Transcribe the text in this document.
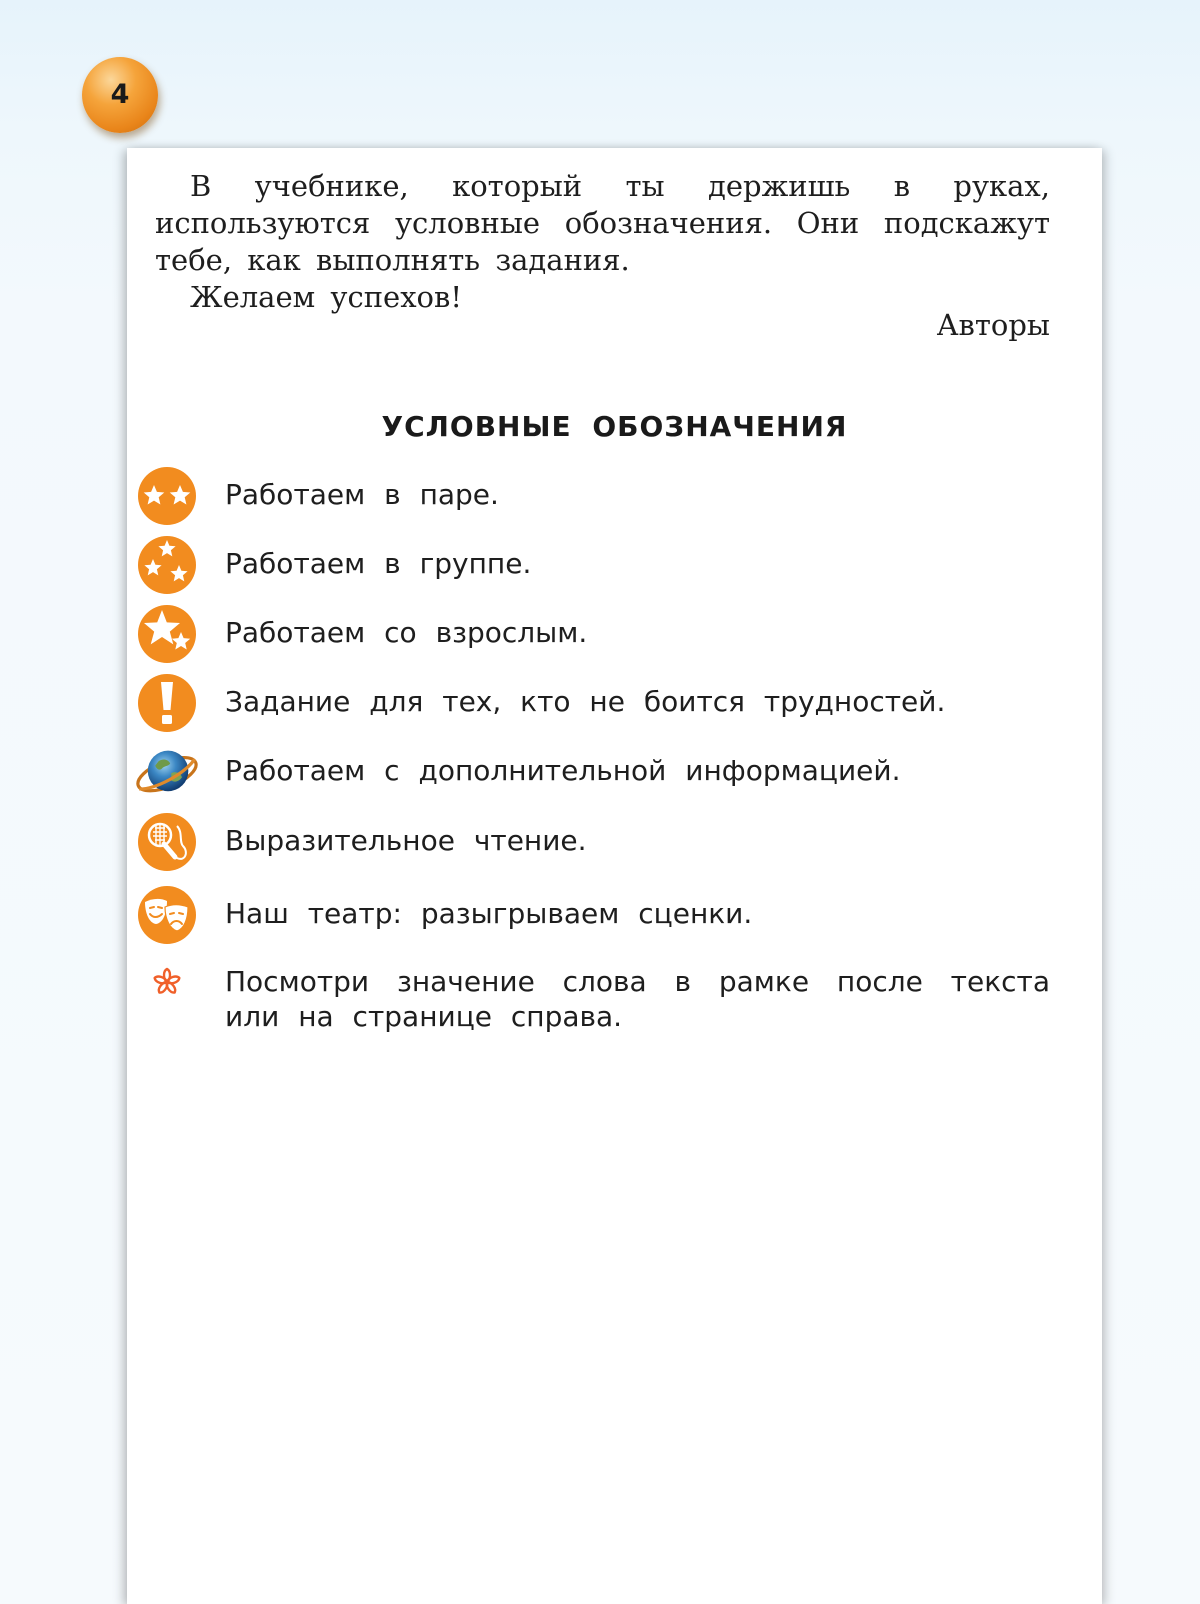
4

В учебнике, который ты держишь в руках, используются условные обозначения. Они подскажут тебе, как выполнять задания.

Желаем успехов!

Авторы
УСЛОВНЫЕ ОБОЗНАЧЕНИЯ
Работаем в паре.
Работаем в группе.
Работаем со взрослым.
Задание для тех, кто не боится трудностей.
Работаем с дополнительной информацией.
Выразительное чтение.
Наш театр: разыгрываем сценки.
Посмотри значение слова в рамке после текста или на странице справа.
